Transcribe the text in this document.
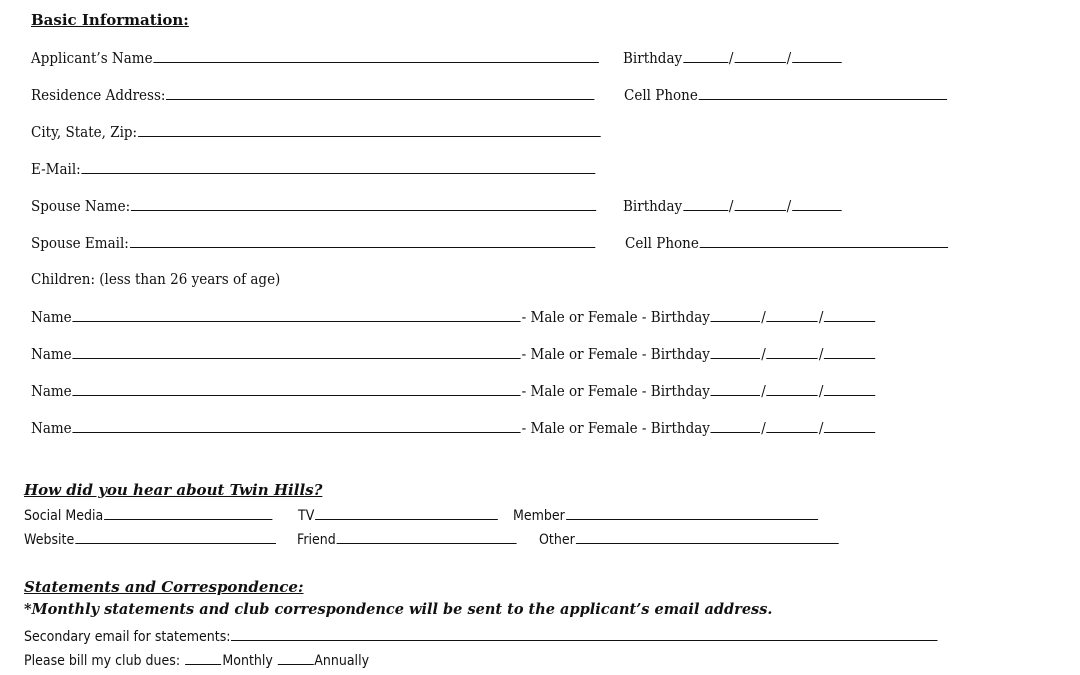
Basic Information:
Applicant’s Name	Birthday	/	/
Residence Address:	Cell Phone
City, State, Zip:
E-Mail:
Spouse Name:	Birthday	/	/
Spouse Email:	Cell Phone
Children: (less than 26 years of age)
Name	- Male or Female - Birthday	/	/
Name	- Male or Female - Birthday	/	/
Name	- Male or Female - Birthday	/	/
Name	- Male or Female - Birthday	/	/
How did you hear about Twin Hills?
Social Media	TV	Member
Website	Friend	Other
Statements and Correspondence:
*Monthly statements and club correspondence will be sent to the applicant’s email address.
Secondary email for statements:
Please bill my club dues:	Monthly	Annually
